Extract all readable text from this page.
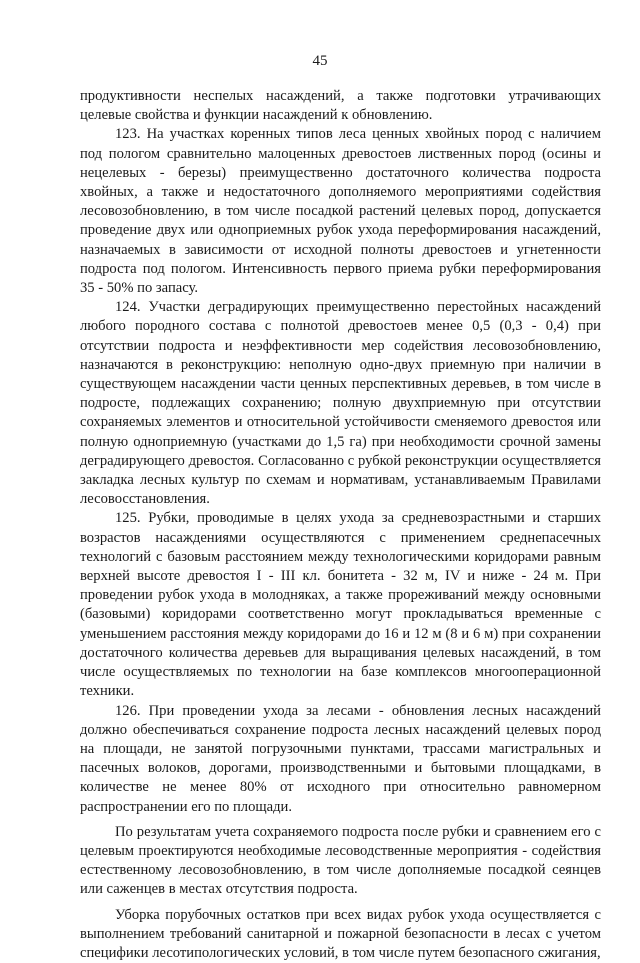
45

продуктивности неспелых насаждений, а также подготовки утрачивающих целевые свойства и функции насаждений к обновлению.

123. На участках коренных типов леса ценных хвойных пород с наличием под пологом сравнительно малоценных древостоев лиственных пород (осины и нецелевых - березы) преимущественно достаточного количества подроста хвойных, а также и недостаточного дополняемого мероприятиями содействия лесовозобновлению, в том числе посадкой растений целевых пород, допускается проведение двух или одноприемных рубок ухода переформирования насаждений, назначаемых в зависимости от исходной полноты древостоев и угнетенности подроста под пологом. Интенсивность первого приема рубки переформирования 35 - 50% по запасу.

124. Участки деградирующих преимущественно перестойных насаждений любого породного состава с полнотой древостоев менее 0,5 (0,3 - 0,4) при отсутствии подроста и неэффективности мер содействия лесовозобновлению, назначаются в реконструкцию: неполную одно-двух приемную при наличии в существующем насаждении части ценных перспективных деревьев, в том числе в подросте, подлежащих сохранению; полную двухприемную при отсутствии сохраняемых элементов и относительной устойчивости сменяемого древостоя или полную одноприемную (участками до 1,5 га) при необходимости срочной замены деградирующего древостоя. Согласованно с рубкой реконструкции осуществляется закладка лесных культур по схемам и нормативам, устанавливаемым Правилами лесовосстановления.

125. Рубки, проводимые в целях ухода за средневозрастными и старших возрастов насаждениями осуществляются с применением среднепасечных технологий с базовым расстоянием между технологическими коридорами равным верхней высоте древостоя I - III кл. бонитета - 32 м, IV и ниже - 24 м. При проведении рубок ухода в молодняках, а также прореживаний между основными (базовыми) коридорами соответственно могут прокладываться временные с уменьшением расстояния между коридорами до 16 и 12 м (8 и 6 м) при сохранении достаточного количества деревьев для выращивания целевых насаждений, в том числе осуществляемых по технологии на базе комплексов многооперационной техники.

126. При проведении ухода за лесами - обновления лесных насаждений должно обеспечиваться сохранение подроста лесных насаждений целевых пород на площади, не занятой погрузочными пунктами, трассами магистральных и пасечных волоков, дорогами, производственными и бытовыми площадками, в количестве не менее 80% от исходного при относительно равномерном распространении его по площади.

По результатам учета сохраняемого подроста после рубки и сравнением его с целевым проектируются необходимые лесоводственные мероприятия - содействия естественному лесовозобновлению, в том числе дополняемые посадкой сеянцев или саженцев в местах отсутствия подроста.

Уборка порубочных остатков при всех видах рубок ухода осуществляется с выполнением требований санитарной и пожарной безопасности в лесах с учетом специфики лесотипологических условий, в том числе путем безопасного сжигания,
